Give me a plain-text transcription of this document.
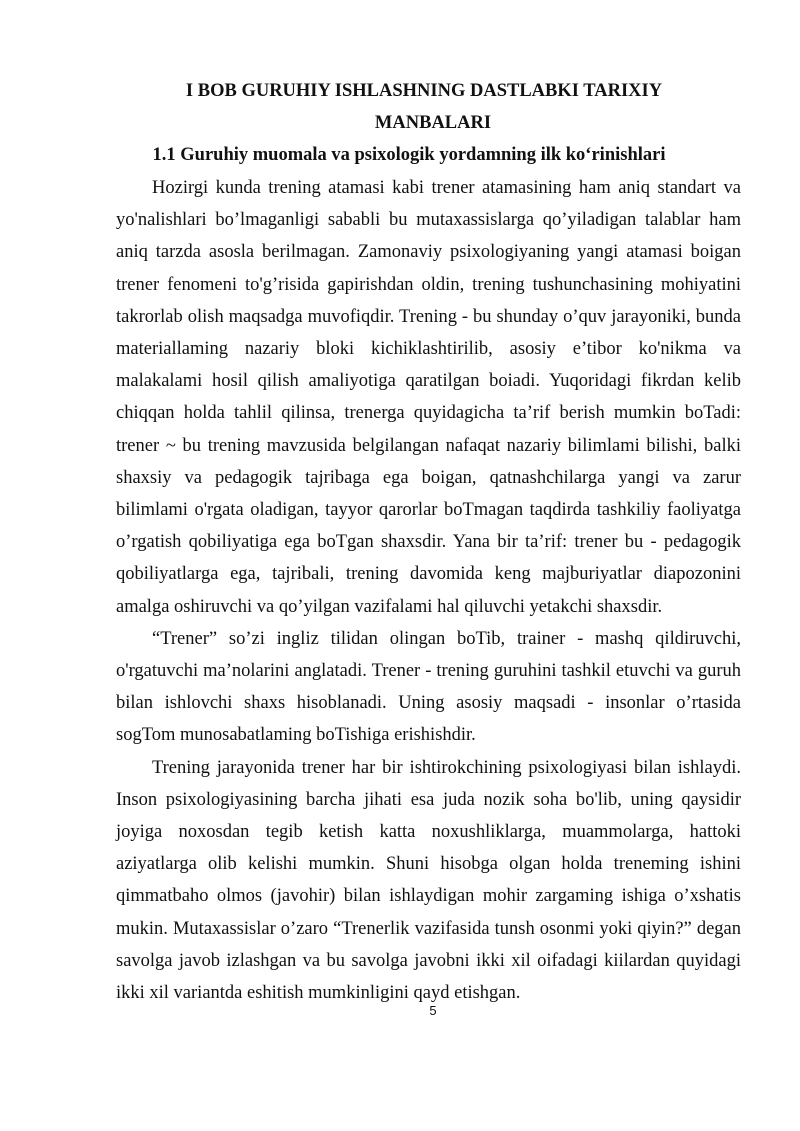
I BOB GURUHIY ISHLASHNING DASTLABKI TARIXIY
MANBALARI
1.1 Guruhiy muomala va psixologik yordamning ilk ko‘rinishlari

Hozirgi kunda trening atamasi kabi trener atamasining ham aniq standart va yo'nalishlari bo’lmaganligi sababli bu mutaxassislarga qo’yiladigan talablar ham aniq tarzda asosla berilmagan. Zamonaviy psixologiyaning yangi atamasi boigan trener fenomeni to'g’risida gapirishdan oldin, trening tushunchasining mohiyatini takrorlab olish maqsadga muvofiqdir. Trening - bu shunday o’quv jarayoniki, bunda materiallaming nazariy bloki kichiklashtirilib, asosiy e’tibor ko'nikma va malakalami hosil qilish amaliyotiga qaratilgan boiadi. Yuqoridagi fikrdan kelib chiqqan holda tahlil qilinsa, trenerga quyidagicha ta’rif berish mumkin boTadi: trener ~ bu trening mavzusida belgilangan nafaqat nazariy bilimlami bilishi, balki shaxsiy va pedagogik tajribaga ega boigan, qatnashchilarga yangi va zarur bilimlami o'rgata oladigan, tayyor qarorlar boTmagan taqdirda tashkiliy faoliyatga o’rgatish qobiliyatiga ega boTgan shaxsdir. Yana bir ta’rif: trener bu - pedagogik qobiliyatlarga ega, tajribali, trening davomida keng majburiyatlar diapozonini amalga oshiruvchi va qo’yilgan vazifalami hal qiluvchi yetakchi shaxsdir.

“Trener” so’zi ingliz tilidan olingan boTib, trainer - mashq qildiruvchi, o'rgatuvchi ma’nolarini anglatadi. Trener - trening guruhini tashkil etuvchi va guruh bilan ishlovchi shaxs hisoblanadi. Uning asosiy maqsadi - insonlar o’rtasida sogTom munosabatlaming boTishiga erishishdir.

Trening jarayonida trener har bir ishtirokchining psixologiyasi bilan ishlaydi. Inson psixologiyasining barcha jihati esa juda nozik soha bo'lib, uning qaysidir joyiga noxosdan tegib ketish katta noxushliklarga, muammolarga, hattoki aziyatlarga olib kelishi mumkin. Shuni hisobga olgan holda treneming ishini qimmatbaho olmos (javohir) bilan ishlaydigan mohir zargaming ishiga o’xshatis mukin. Mutaxassislar o’zaro “Trenerlik vazifasida tunsh osonmi yoki qiyin?” degan savolga javob izlashgan va bu savolga javobni ikki xil oifadagi kiilardan quyidagi ikki xil variantda eshitish mumkinligini qayd etishgan.

5
